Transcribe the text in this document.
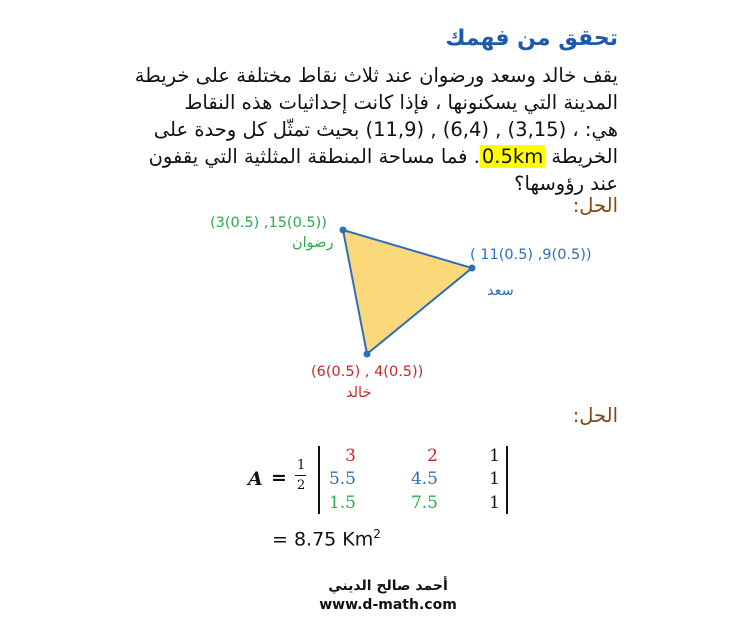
تحقق من فهمك
يقف خالد وسعد ورضوان عند ثلاث نقاط مختلفة على خريطة
المدينة التي يسكنونها ، فإذا كانت إحداثيات هذه النقاط
هي: (11,9) , (6,4) , (3,15) ، بحيث تمثّل كل وحدة على
الخريطة 0.5km. فما مساحة المنطقة المثلثية التي يقفون
عند رؤوسها؟
الحل:
(3(0.5) ,15(0.5))
رضوان
( 11(0.5) ,9(0.5))
سعد
(6(0.5) , 4(0.5))
خالد
الحل:
A =
1
2
3	2	1
5.5	4.5	1
1.5	7.5	1
= 8.75 Km$^2$
أحمد صالح الديني
www.d-math.com
